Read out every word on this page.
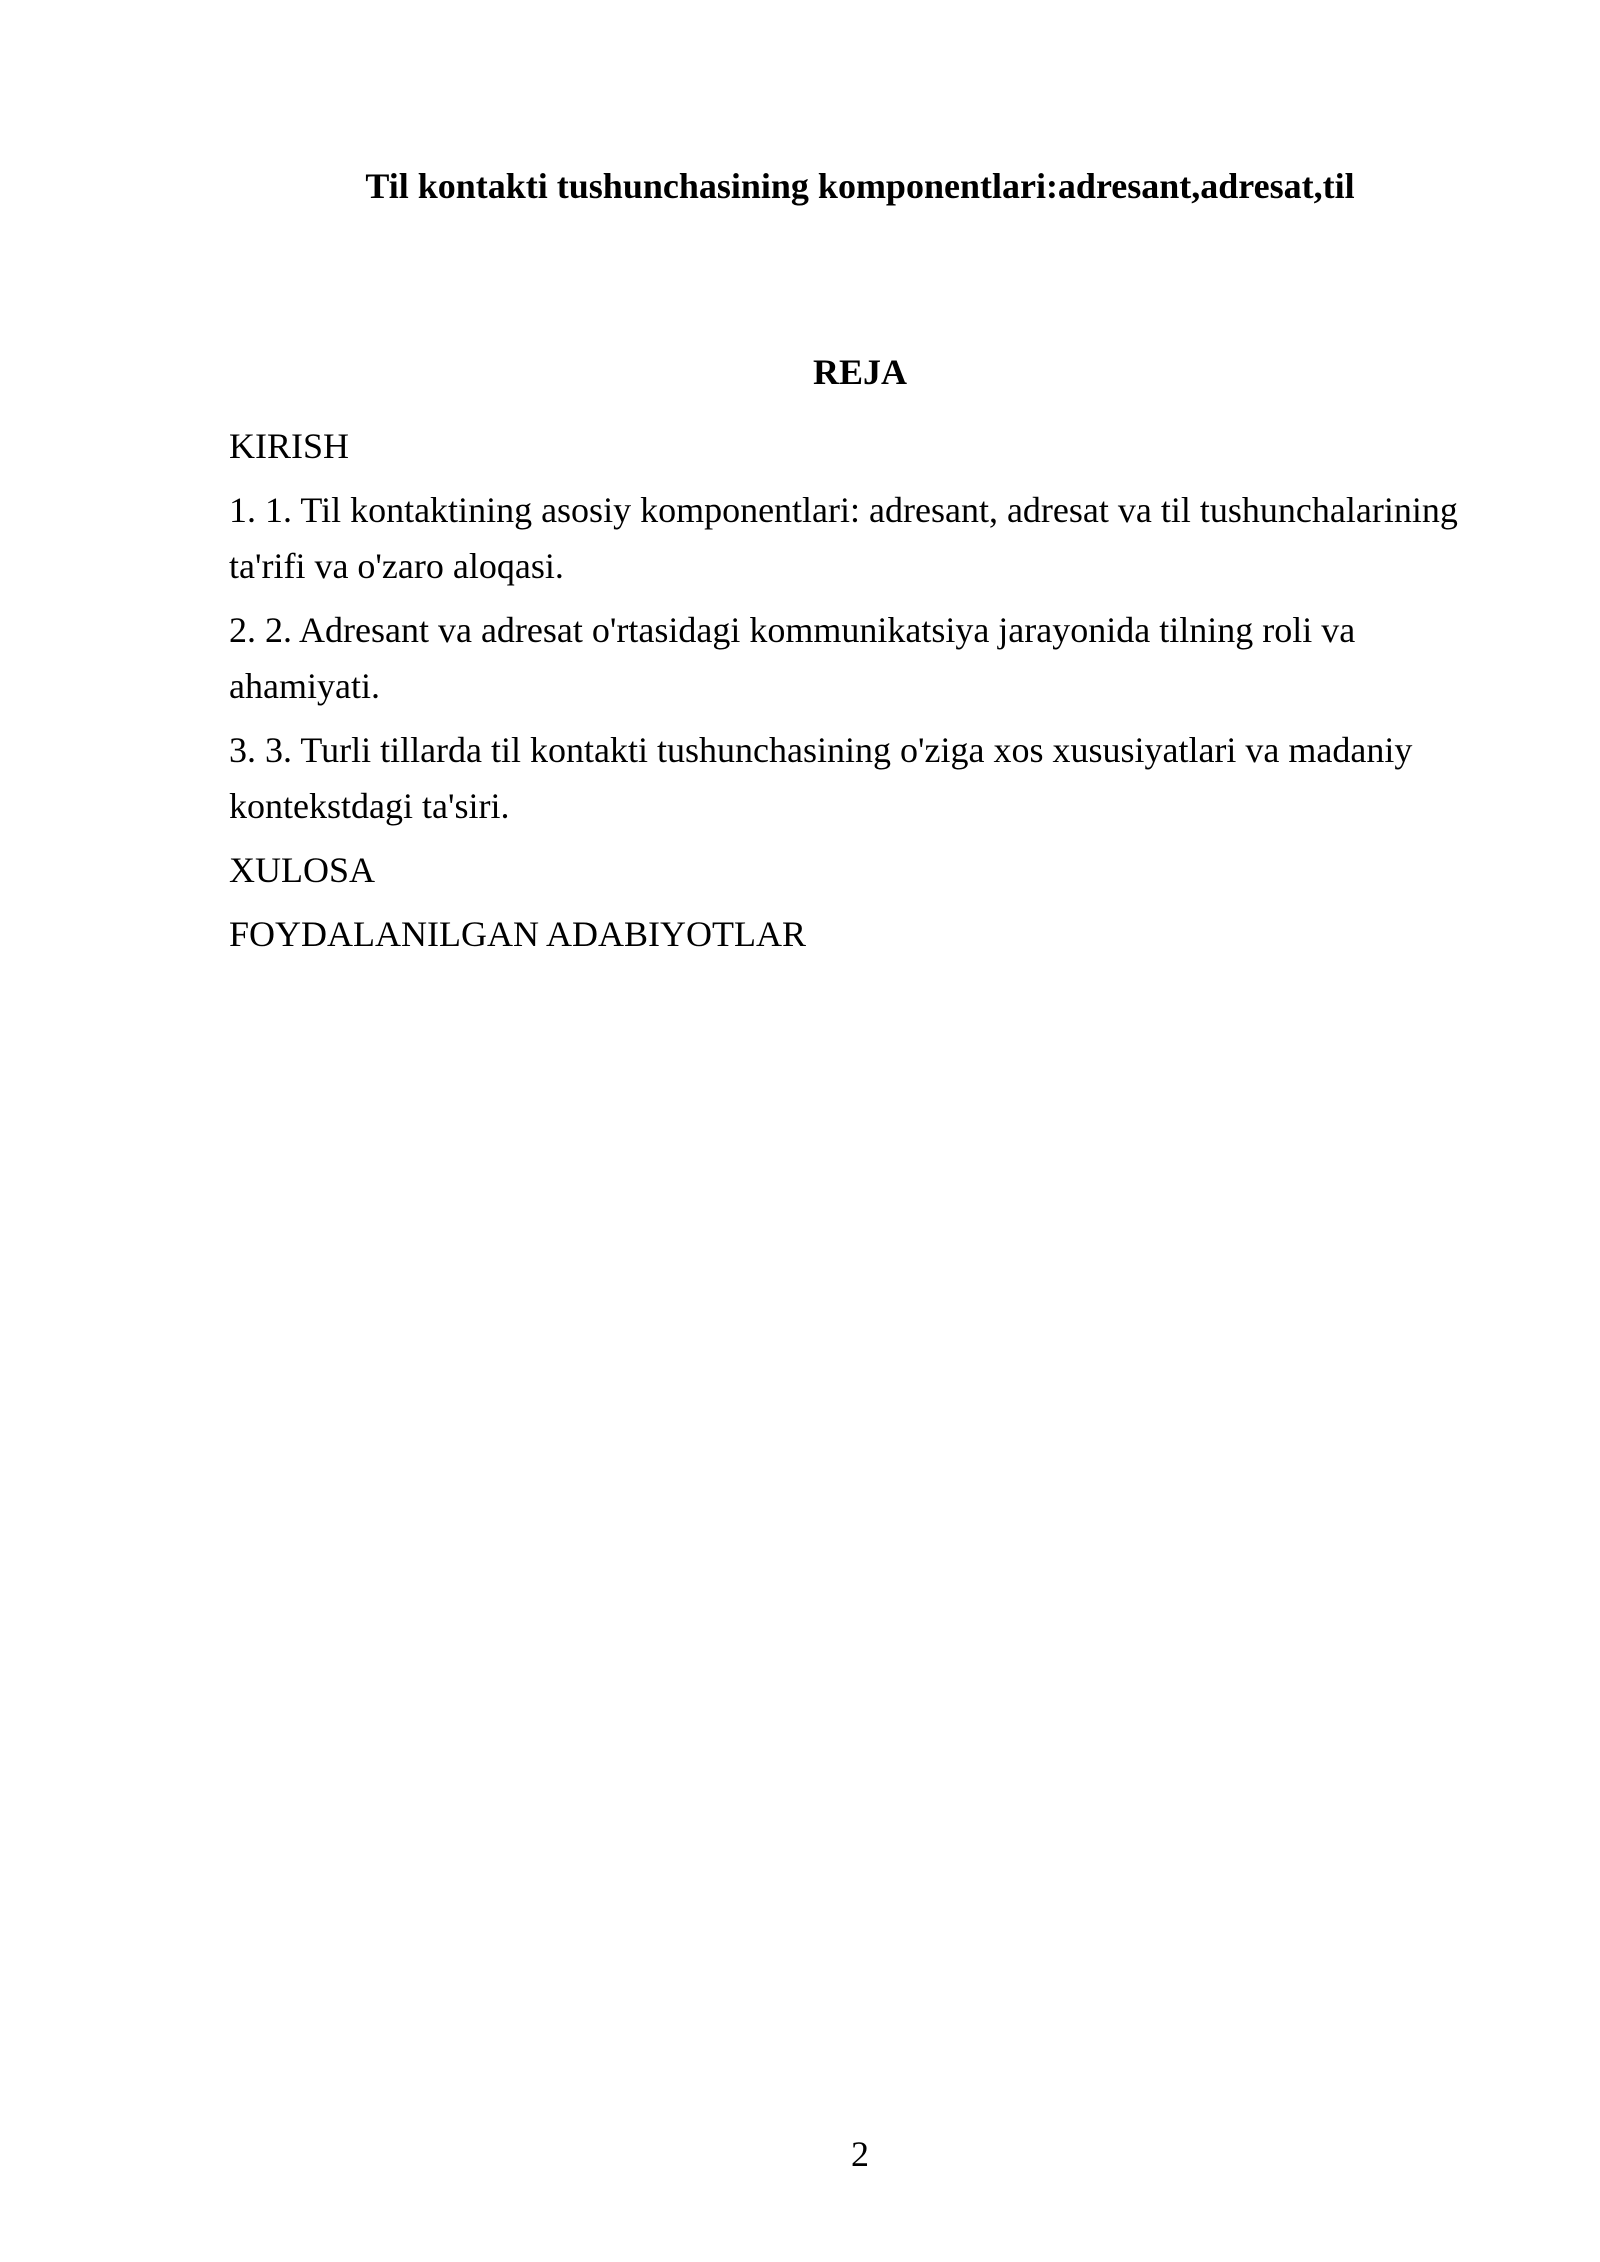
Til kontakti tushunchasining komponentlari:adresant,adresat,til
REJA
KIRISH
1. 1. Til kontaktining asosiy komponentlari: adresant, adresat va til tushunchalarining ta'rifi va o'zaro aloqasi.
2. 2. Adresant va adresat o'rtasidagi kommunikatsiya jarayonida tilning roli va ahamiyati.
3. 3. Turli tillarda til kontakti tushunchasining o'ziga xos xususiyatlari va madaniy kontekstdagi ta'siri.
XULOSA
FOYDALANILGAN ADABIYOTLAR
2
